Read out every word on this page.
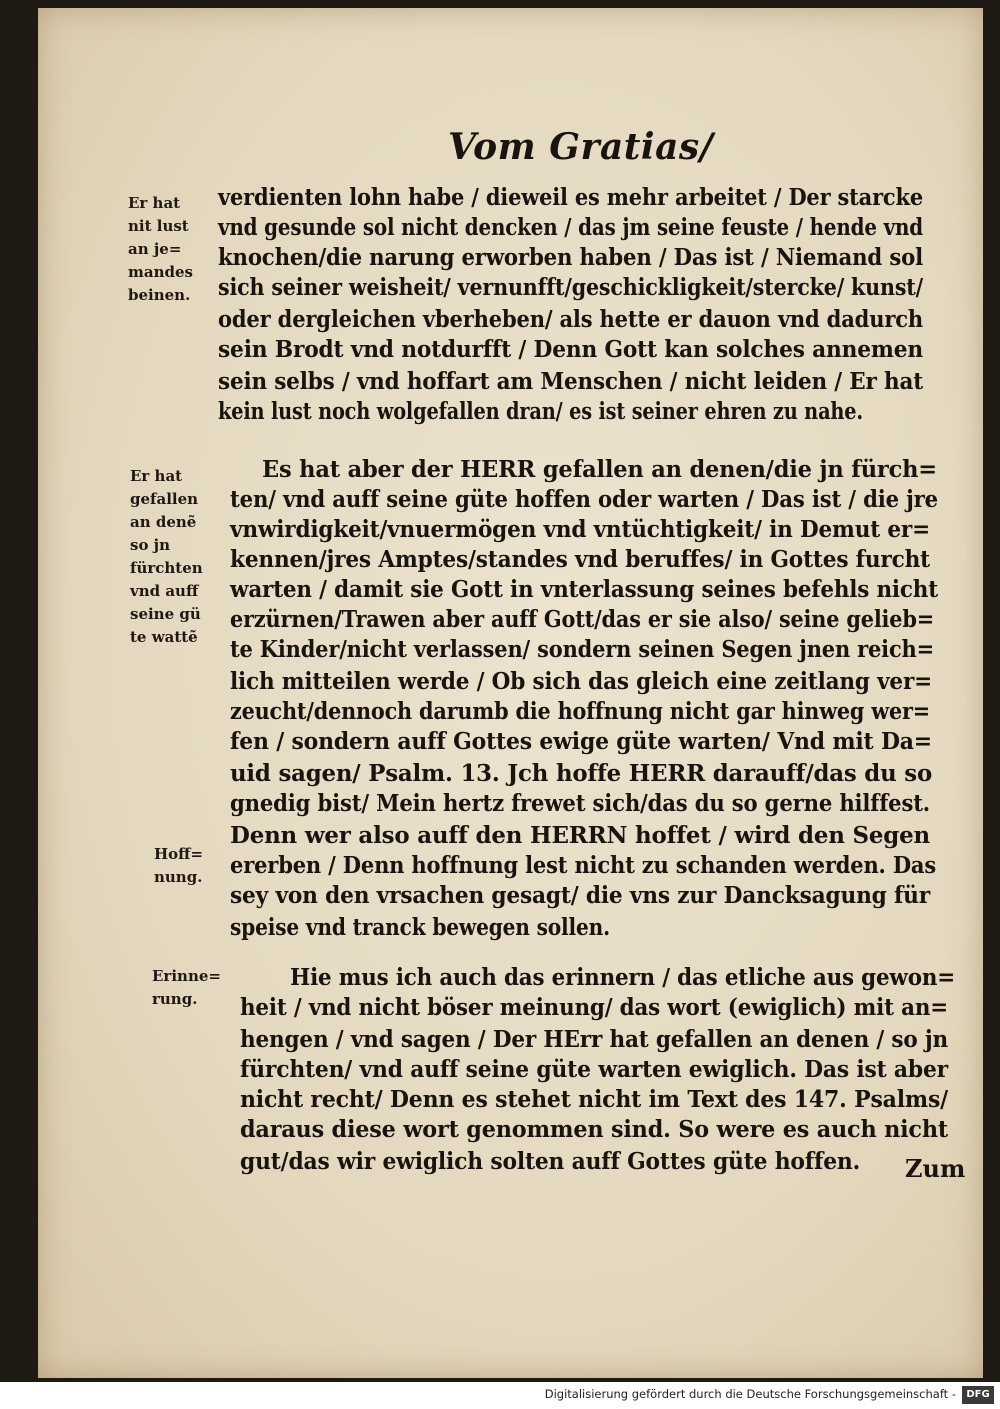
Vom Gratias/
verdienten lohn habe / dieweil es mehr arbeitet / Der starcke
vnd gesunde sol nicht dencken / das jm seine feuste / hende vnd
knochen/die narung erworben haben / Das ist / Niemand sol
sich seiner weisheit/ vernunfft/geschickligkeit/stercke/ kunst/
oder dergleichen vberheben/ als hette er dauon vnd dadurch
sein Brodt vnd notdurfft / Denn Gott kan solches annemen
sein selbs / vnd hoffart am Menschen / nicht leiden / Er hat
kein lust noch wolgefallen dran/ es ist seiner ehren zu nahe.
Es hat aber der HERR gefallen an denen/die jn fürch=
ten/ vnd auff seine güte hoffen oder warten / Das ist / die jre
vnwirdigkeit/vnuermögen vnd vntüchtigkeit/ in Demut er=
kennen/jres Amptes/standes vnd beruffes/ in Gottes furcht
warten / damit sie Gott in vnterlassung seines befehls nicht
erzürnen/Trawen aber auff Gott/das er sie also/ seine gelieb=
te Kinder/nicht verlassen/ sondern seinen Segen jnen reich=
lich mitteilen werde / Ob sich das gleich eine zeitlang ver=
zeucht/dennoch darumb die hoffnung nicht gar hinweg wer=
fen / sondern auff Gottes ewige güte warten/ Vnd mit Da=
uid sagen/ Psalm. 13. Jch hoffe HERR darauff/das du so
gnedig bist/ Mein hertz frewet sich/das du so gerne hilffest.
Denn wer also auff den HERRN hoffet / wird den Segen
ererben / Denn hoffnung lest nicht zu schanden werden. Das
sey von den vrsachen gesagt/ die vns zur Dancksagung für
speise vnd tranck bewegen sollen.
Hie mus ich auch das erinnern / das etliche aus gewon=
heit / vnd nicht böser meinung/ das wort (ewiglich) mit an=
hengen / vnd sagen / Der HErr hat gefallen an denen / so jn
fürchten/ vnd auff seine güte warten ewiglich. Das ist aber
nicht recht/ Denn es stehet nicht im Text des 147. Psalms/
daraus diese wort genommen sind. So were es auch nicht
gut/das wir ewiglich solten auff Gottes güte hoffen.
Er hat
nit lust
an je=
mandes
beinen.
Er hat
gefallen
an denẽ
so jn
fürchten
vnd auff
seine gü
te wattẽ
Hoff=
nung.
Erinne=
rung.
Zum
Digitalisierung gefördert durch die Deutsche Forschungsgemeinschaft -	DFG
